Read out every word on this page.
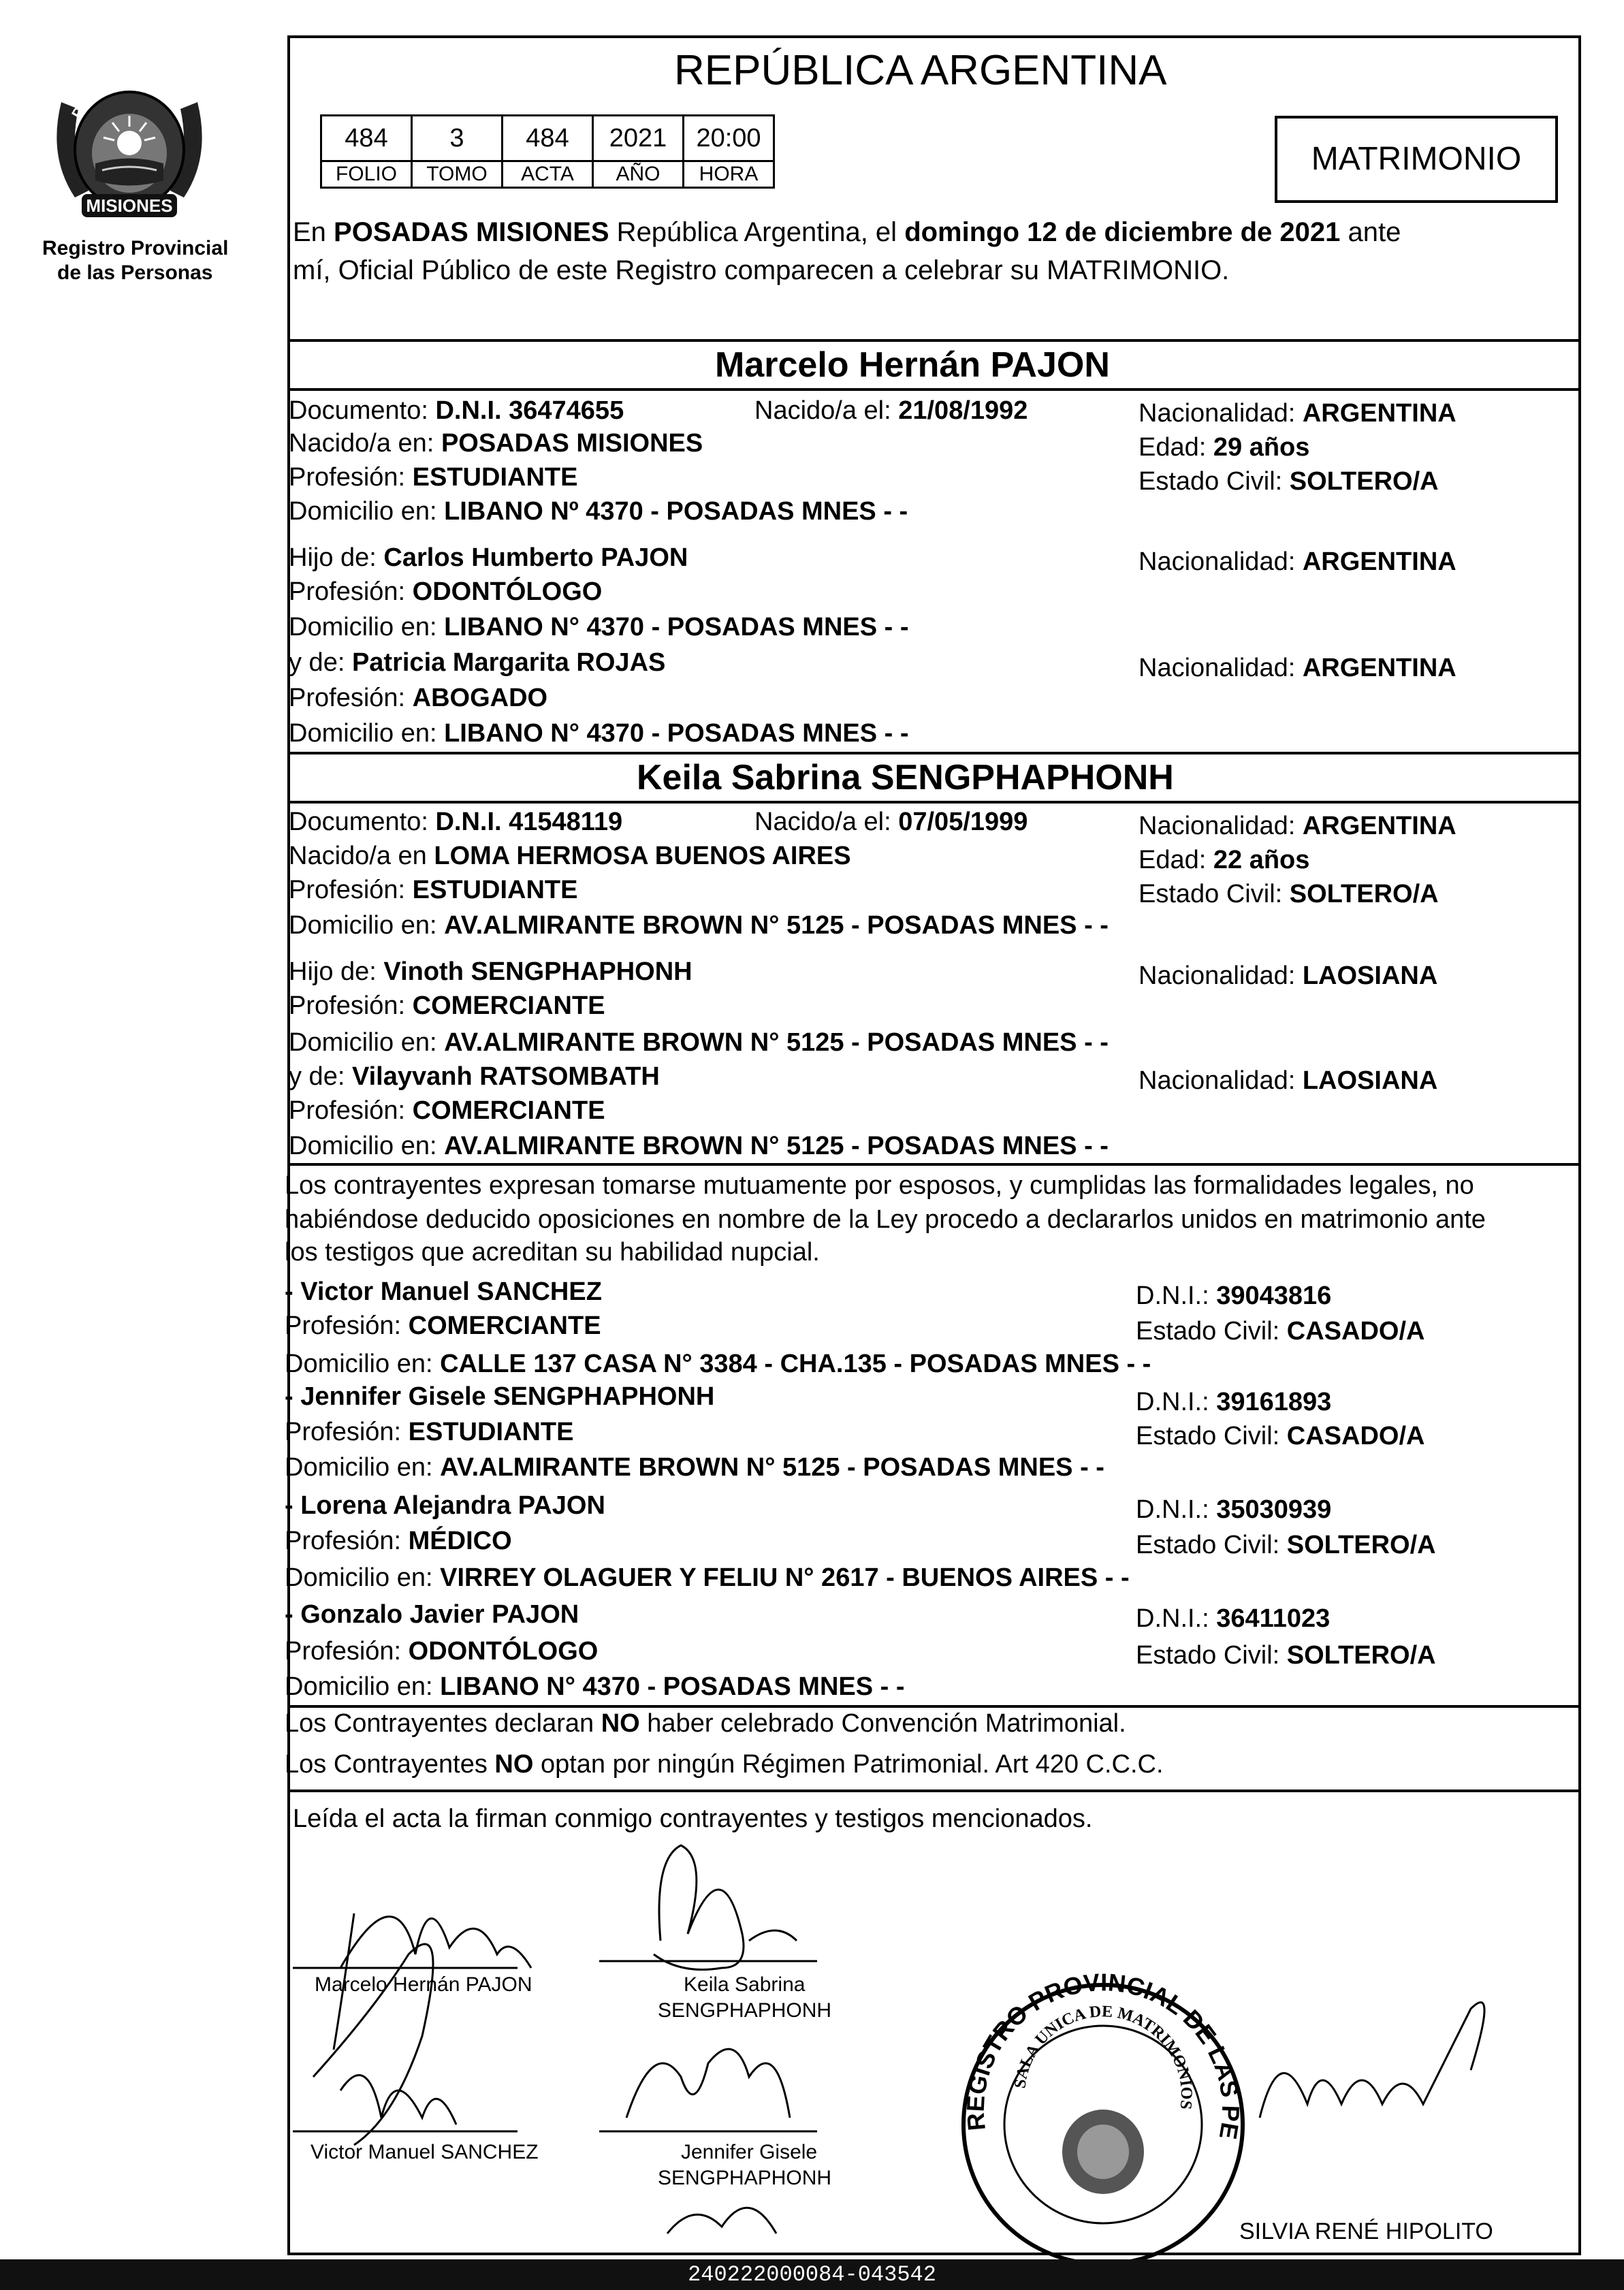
PROVINCIA DE
MISIONES
Registro Provincial
de las Personas
REPÚBLICA ARGENTINA
484	3	484	2021	20:00
FOLIO	TOMO	ACTA	AÑO	HORA	MATRIMONIO
En POSADAS MISIONES República Argentina, el domingo 12 de diciembre de 2021 ante
mí, Oficial Público de este Registro comparecen a celebrar su MATRIMONIO.
Marcelo Hernán PAJON
Documento: D.N.I. 36474655	Nacido/a el: 21/08/1992	Nacionalidad: ARGENTINA
Nacido/a en: POSADAS MISIONES	Edad: 29 años
Profesión: ESTUDIANTE	Estado Civil: SOLTERO/A
Domicilio en: LIBANO Nº 4370 - POSADAS MNES - -
Hijo de: Carlos Humberto PAJON	Nacionalidad: ARGENTINA
Profesión: ODONTÓLOGO
Domicilio en: LIBANO N° 4370 - POSADAS MNES - -
y de: Patricia Margarita ROJAS	Nacionalidad: ARGENTINA
Profesión: ABOGADO
Domicilio en: LIBANO N° 4370 - POSADAS MNES - -
Keila Sabrina SENGPHAPHONH
Documento: D.N.I. 41548119	Nacido/a el: 07/05/1999	Nacionalidad: ARGENTINA
Nacido/a en LOMA HERMOSA BUENOS AIRES	Edad: 22 años
Profesión: ESTUDIANTE	Estado Civil: SOLTERO/A
Domicilio en: AV.ALMIRANTE BROWN N° 5125 - POSADAS MNES - -
Hijo de: Vinoth SENGPHAPHONH	Nacionalidad: LAOSIANA
Profesión: COMERCIANTE
Domicilio en: AV.ALMIRANTE BROWN N° 5125 - POSADAS MNES - -
y de: Vilayvanh RATSOMBATH	Nacionalidad: LAOSIANA
Profesión: COMERCIANTE
Domicilio en: AV.ALMIRANTE BROWN N° 5125 - POSADAS MNES - -
Los contrayentes expresan tomarse mutuamente por esposos, y cumplidas las formalidades legales, no
habiéndose deducido oposiciones en nombre de la Ley procedo a declararlos unidos en matrimonio ante
los testigos que acreditan su habilidad nupcial.
- Victor Manuel SANCHEZ	D.N.I.: 39043816
Profesión: COMERCIANTE	Estado Civil: CASADO/A
Domicilio en: CALLE 137 CASA N° 3384 - CHA.135 - POSADAS MNES - -
- Jennifer Gisele SENGPHAPHONH	D.N.I.: 39161893
Profesión: ESTUDIANTE	Estado Civil: CASADO/A
Domicilio en: AV.ALMIRANTE BROWN N° 5125 - POSADAS MNES - -
- Lorena Alejandra PAJON	D.N.I.: 35030939
Profesión: MÉDICO	Estado Civil: SOLTERO/A
Domicilio en: VIRREY OLAGUER Y FELIU N° 2617 - BUENOS AIRES - -
- Gonzalo Javier PAJON	D.N.I.: 36411023
Profesión: ODONTÓLOGO	Estado Civil: SOLTERO/A
Domicilio en: LIBANO N° 4370 - POSADAS MNES - -
Los Contrayentes declaran NO haber celebrado Convención Matrimonial.
Los Contrayentes NO optan por ningún Régimen Patrimonial. Art 420 C.C.C.
Leída el acta la firman conmigo contrayentes y testigos mencionados.
Marcelo Hernán PAJON	Keila Sabrina
SENGPHAPHONH
Victor Manuel SANCHEZ	Jennifer Gisele
SENGPHAPHONH
SILVIA RENÉ HIPOLITO
REGISTRO PROVINCIAL DE LAS PE
SALA UNICA DE MATRIMONIOS
240222000084-043542
